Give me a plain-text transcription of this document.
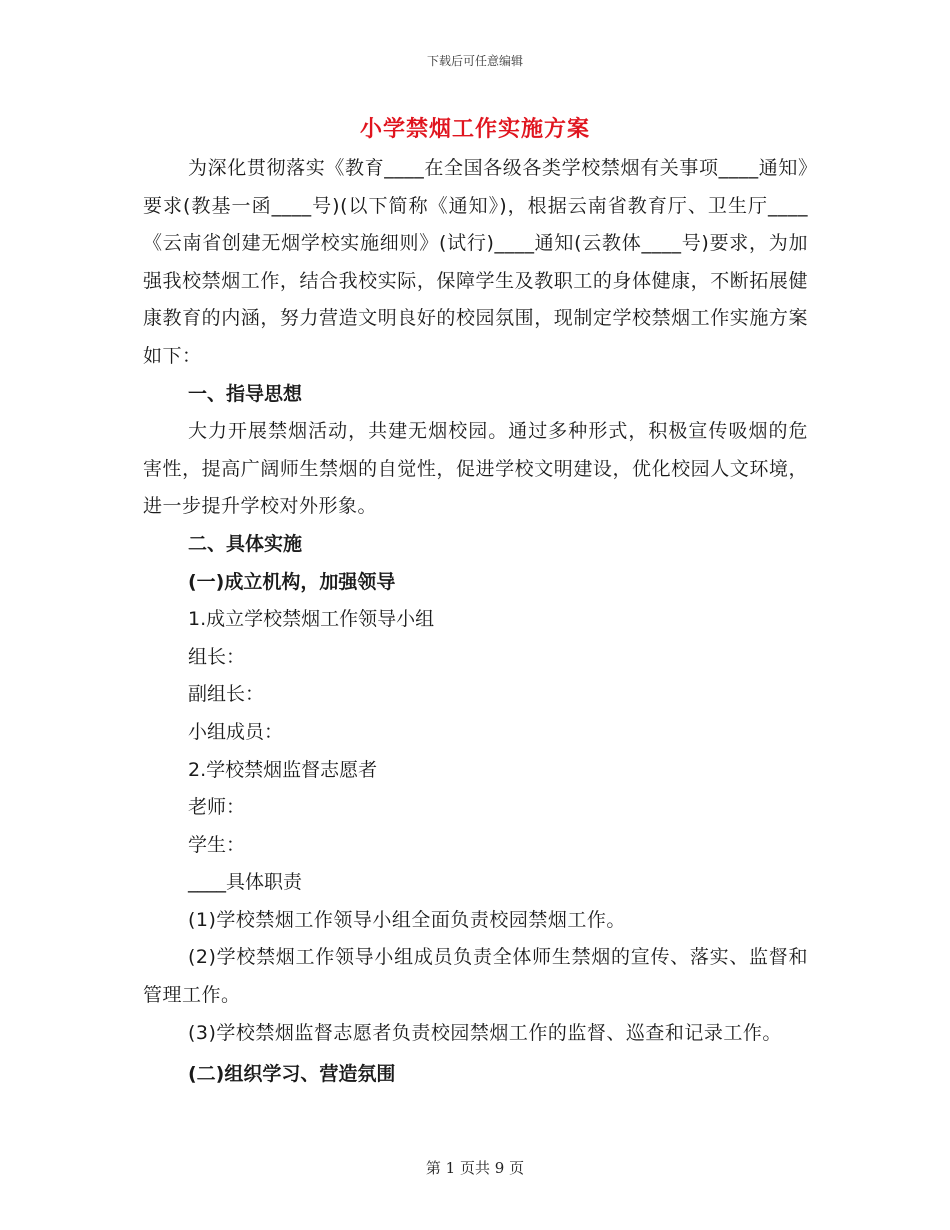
下载后可任意编辑
小学禁烟工作实施方案

为深化贯彻落实《教育____在全国各级各类学校禁烟有关事项____通知》要求(教基一函____号)(以下简称《通知》)，根据云南省教育厅、卫生厅____《云南省创建无烟学校实施细则》(试行)____通知(云教体____号)要求，为加强我校禁烟工作，结合我校实际，保障学生及教职工的身体健康，不断拓展健康教育的内涵，努力营造文明良好的校园氛围，现制定学校禁烟工作实施方案如下：

一、指导思想

大力开展禁烟活动，共建无烟校园。通过多种形式，积极宣传吸烟的危害性，提高广阔师生禁烟的自觉性，促进学校文明建设，优化校园人文环境，进一步提升学校对外形象。

二、具体实施

(一)成立机构，加强领导

1.成立学校禁烟工作领导小组

组长：

副组长：

小组成员：

2.学校禁烟监督志愿者

老师：

学生：

____具体职责

(1)学校禁烟工作领导小组全面负责校园禁烟工作。

(2)学校禁烟工作领导小组成员负责全体师生禁烟的宣传、落实、监督和管理工作。

(3)学校禁烟监督志愿者负责校园禁烟工作的监督、巡查和记录工作。

(二)组织学习、营造氛围

第 1 页共 9 页
